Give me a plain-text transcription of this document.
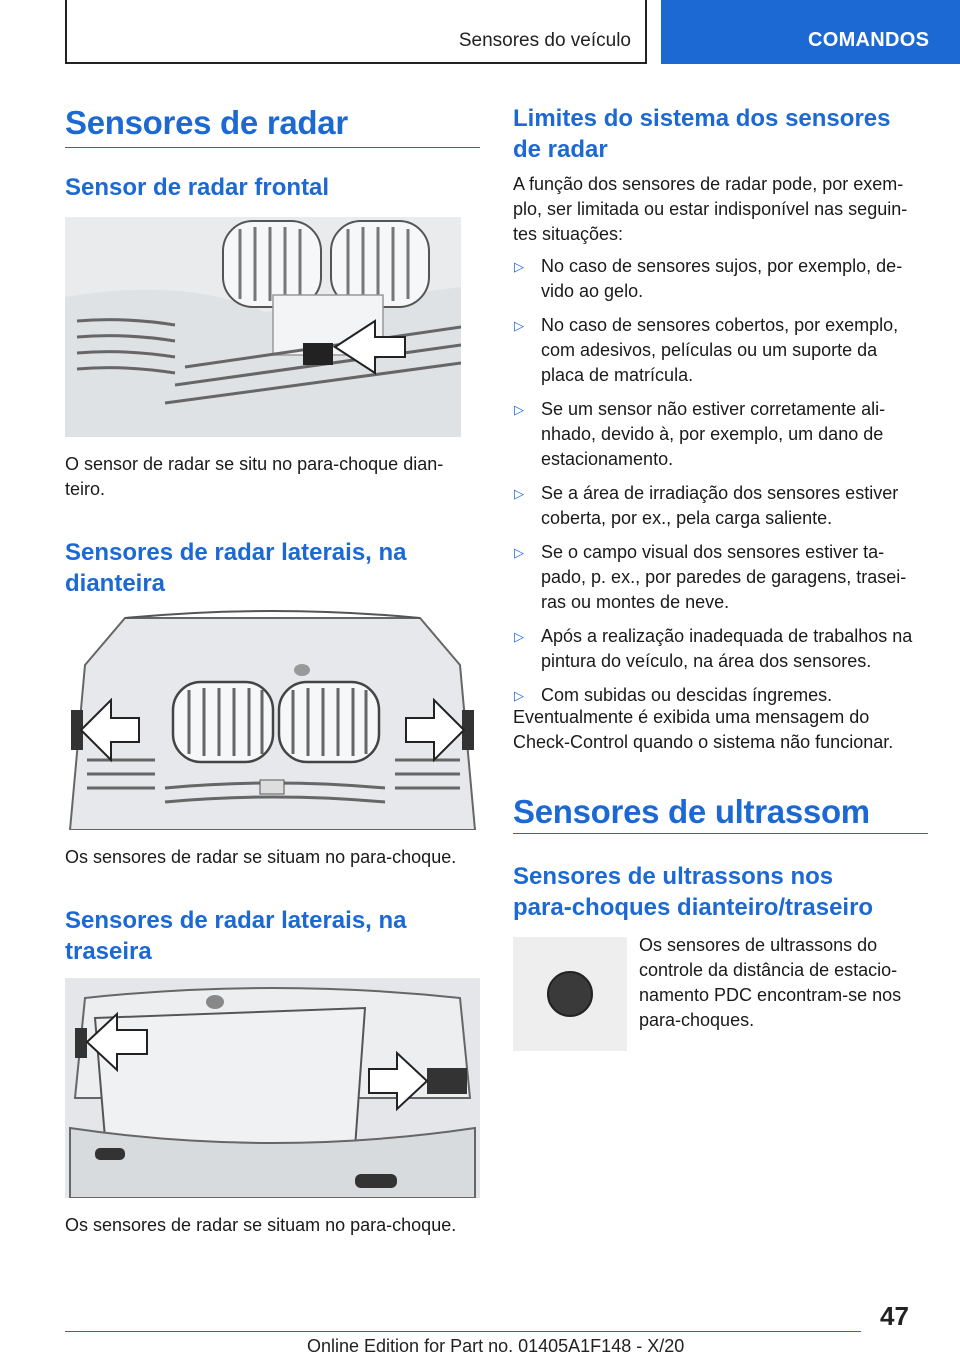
Sensores do veículo	COMANDOS
Sensores de radar
Sensor de radar frontal
O sensor de radar se situ no para-choque dian-
teiro.
Sensores de radar laterais, na
dianteira
Os sensores de radar se situam no para-choque.
Sensores de radar laterais, na
traseira
Os sensores de radar se situam no para-choque.
Limites do sistema dos sensores
de radar
A função dos sensores de radar pode, por exem-
plo, ser limitada ou estar indisponível nas seguin-
tes situações:
▷ No caso de sensores sujos, por exemplo, de-
vido ao gelo.
▷ No caso de sensores cobertos, por exemplo,
com adesivos, películas ou um suporte da
placa de matrícula.
▷ Se um sensor não estiver corretamente ali-
nhado, devido à, por exemplo, um dano de
estacionamento.
▷ Se a área de irradiação dos sensores estiver
coberta, por ex., pela carga saliente.
▷ Se o campo visual dos sensores estiver ta-
pado, p. ex., por paredes de garagens, trasei-
ras ou montes de neve.
▷ Após a realização inadequada de trabalhos na
pintura do veículo, na área dos sensores.
▷ Com subidas ou descidas íngremes.
Eventualmente é exibida uma mensagem do
Check-Control quando o sistema não funcionar.
Sensores de ultrassom
Sensores de ultrassons nos
para-choques dianteiro/traseiro
Os sensores de ultrassons do
controle da distância de estacio-
namento PDC encontram-se nos
para-choques.
47
Online Edition for Part no. 01405A1F148 - X/20
